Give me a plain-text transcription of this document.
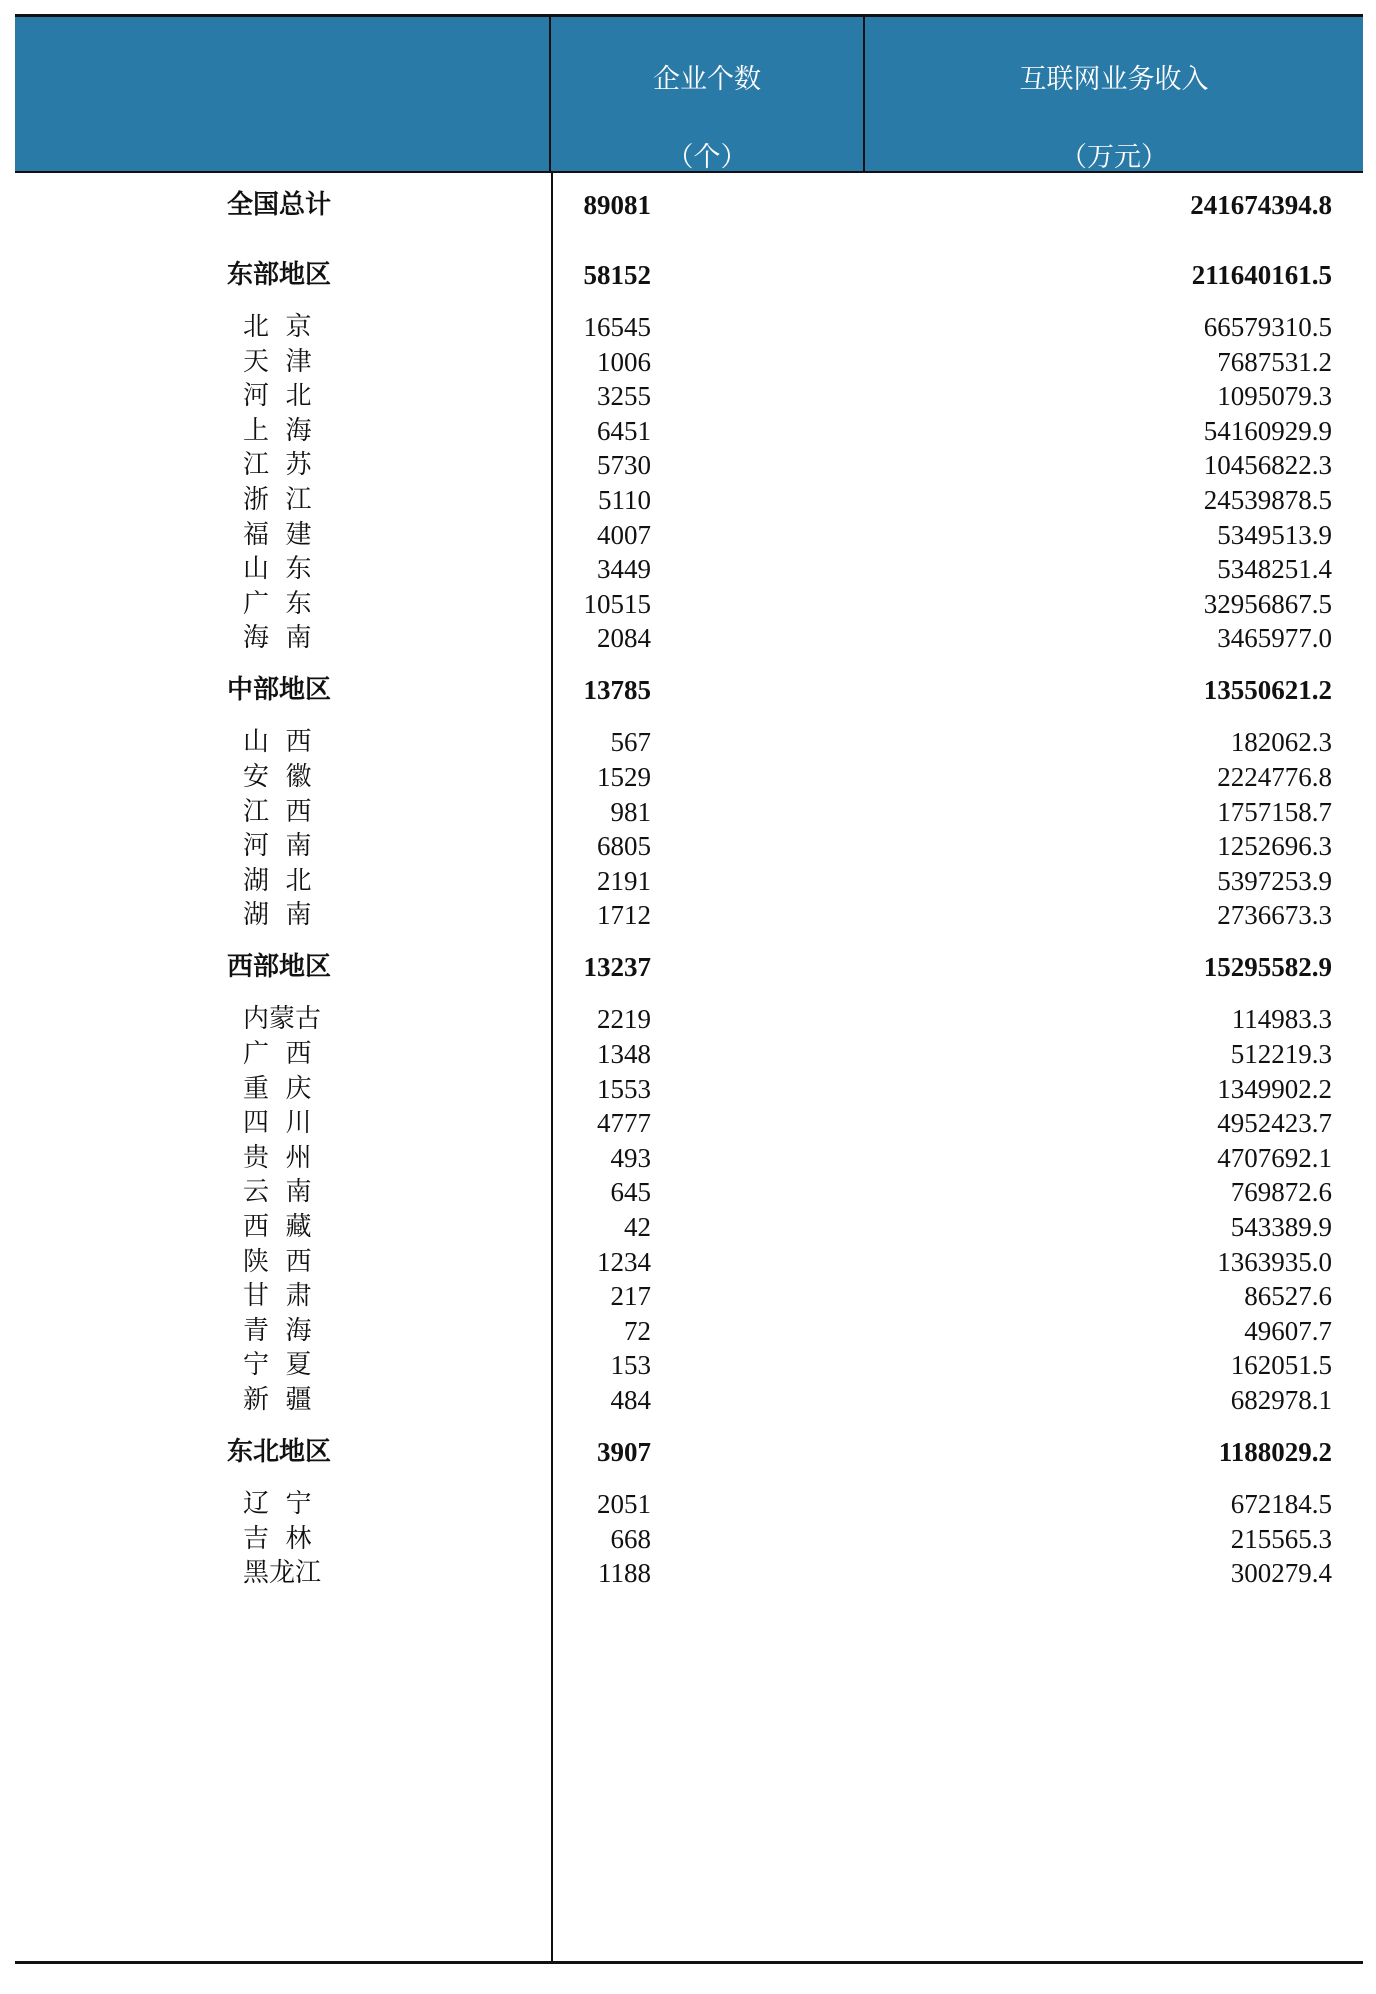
企业个数
（个）
互联网业务收入
（万元）
全国总计	89081	241674394.8
东部地区	58152	211640161.5
北  京	16545	66579310.5
天  津	1006	7687531.2
河  北	3255	1095079.3
上  海	6451	54160929.9
江  苏	5730	10456822.3
浙  江	5110	24539878.5
福  建	4007	5349513.9
山  东	3449	5348251.4
广  东	10515	32956867.5
海  南	2084	3465977.0
中部地区	13785	13550621.2
山  西	567	182062.3
安  徽	1529	2224776.8
江  西	981	1757158.7
河  南	6805	1252696.3
湖  北	2191	5397253.9
湖  南	1712	2736673.3
西部地区	13237	15295582.9
内蒙古	2219	114983.3
广  西	1348	512219.3
重  庆	1553	1349902.2
四  川	4777	4952423.7
贵  州	493	4707692.1
云  南	645	769872.6
西  藏	42	543389.9
陕  西	1234	1363935.0
甘  肃	217	86527.6
青  海	72	49607.7
宁  夏	153	162051.5
新  疆	484	682978.1
东北地区	3907	1188029.2
辽  宁	2051	672184.5
吉  林	668	215565.3
黑龙江	1188	300279.4
